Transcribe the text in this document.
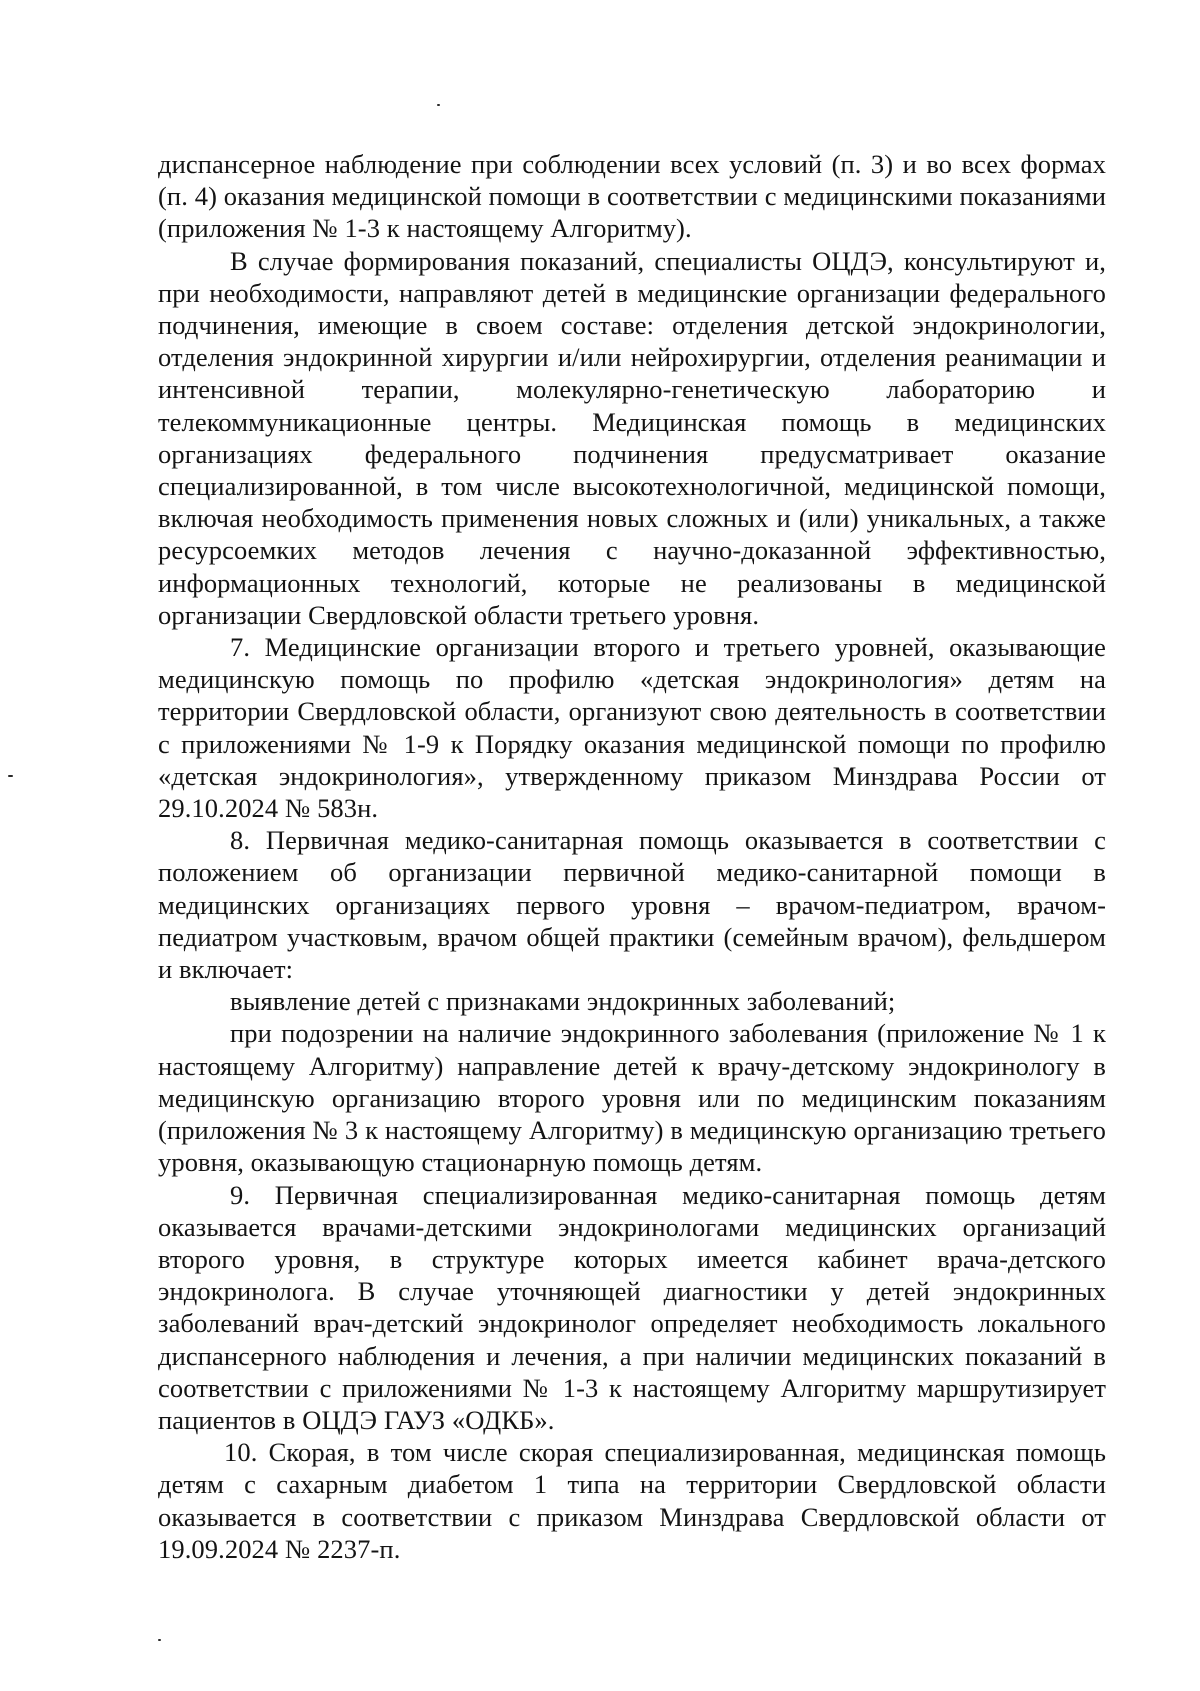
диспансерное наблюдение при соблюдении всех условий (п. 3) и во всех формах (п. 4) оказания медицинской помощи в соответствии с медицинскими показаниями (приложения № 1-3 к настоящему Алгоритму).

В случае формирования показаний, специалисты ОЦДЭ, консультируют и, при необходимости, направляют детей в медицинские организации федерального подчинения, имеющие в своем составе: отделения детской эндокринологии, отделения эндокринной хирургии и/или нейрохирургии, отделения реанимации и интенсивной терапии, молекулярно-генетическую лабораторию и телекоммуникационные центры. Медицинская помощь в медицинских организациях федерального подчинения предусматривает оказание специализированной, в том числе высокотехнологичной, медицинской помощи, включая необходимость применения новых сложных и (или) уникальных, а также ресурсоемких методов лечения с научно-доказанной эффективностью, информационных технологий, которые не реализованы в медицинской организации Свердловской области третьего уровня.

7. Медицинские организации второго и третьего уровней, оказывающие медицинскую помощь по профилю «детская эндокринология» детям на территории Свердловской области, организуют свою деятельность в соответствии с приложениями № 1-9 к Порядку оказания медицинской помощи по профилю «детская эндокринология», утвержденному приказом Минздрава России от 29.10.2024 № 583н.

8. Первичная медико-санитарная помощь оказывается в соответствии с положением об организации первичной медико-санитарной помощи в медицинских организациях первого уровня – врачом-педиатром, врачом-педиатром участковым, врачом общей практики (семейным врачом), фельдшером и включает:

выявление детей с признаками эндокринных заболеваний;

при подозрении на наличие эндокринного заболевания (приложение № 1 к настоящему Алгоритму) направление детей к врачу-детскому эндокринологу в медицинскую организацию второго уровня или по медицинским показаниям (приложения № 3 к настоящему Алгоритму) в медицинскую организацию третьего уровня, оказывающую стационарную помощь детям.

9. Первичная специализированная медико-санитарная помощь детям оказывается врачами-детскими эндокринологами медицинских организаций второго уровня, в структуре которых имеется кабинет врача-детского эндокринолога. В случае уточняющей диагностики у детей эндокринных заболеваний врач-детский эндокринолог определяет необходимость локального диспансерного наблюдения и лечения, а при наличии медицинских показаний в соответствии с приложениями № 1-3 к настоящему Алгоритму маршрутизирует пациентов в ОЦДЭ ГАУЗ «ОДКБ».

10. Скорая, в том числе скорая специализированная, медицинская помощь детям с сахарным диабетом 1 типа на территории Свердловской области оказывается в соответствии с приказом Минздрава Свердловской области от 19.09.2024 № 2237-п.
